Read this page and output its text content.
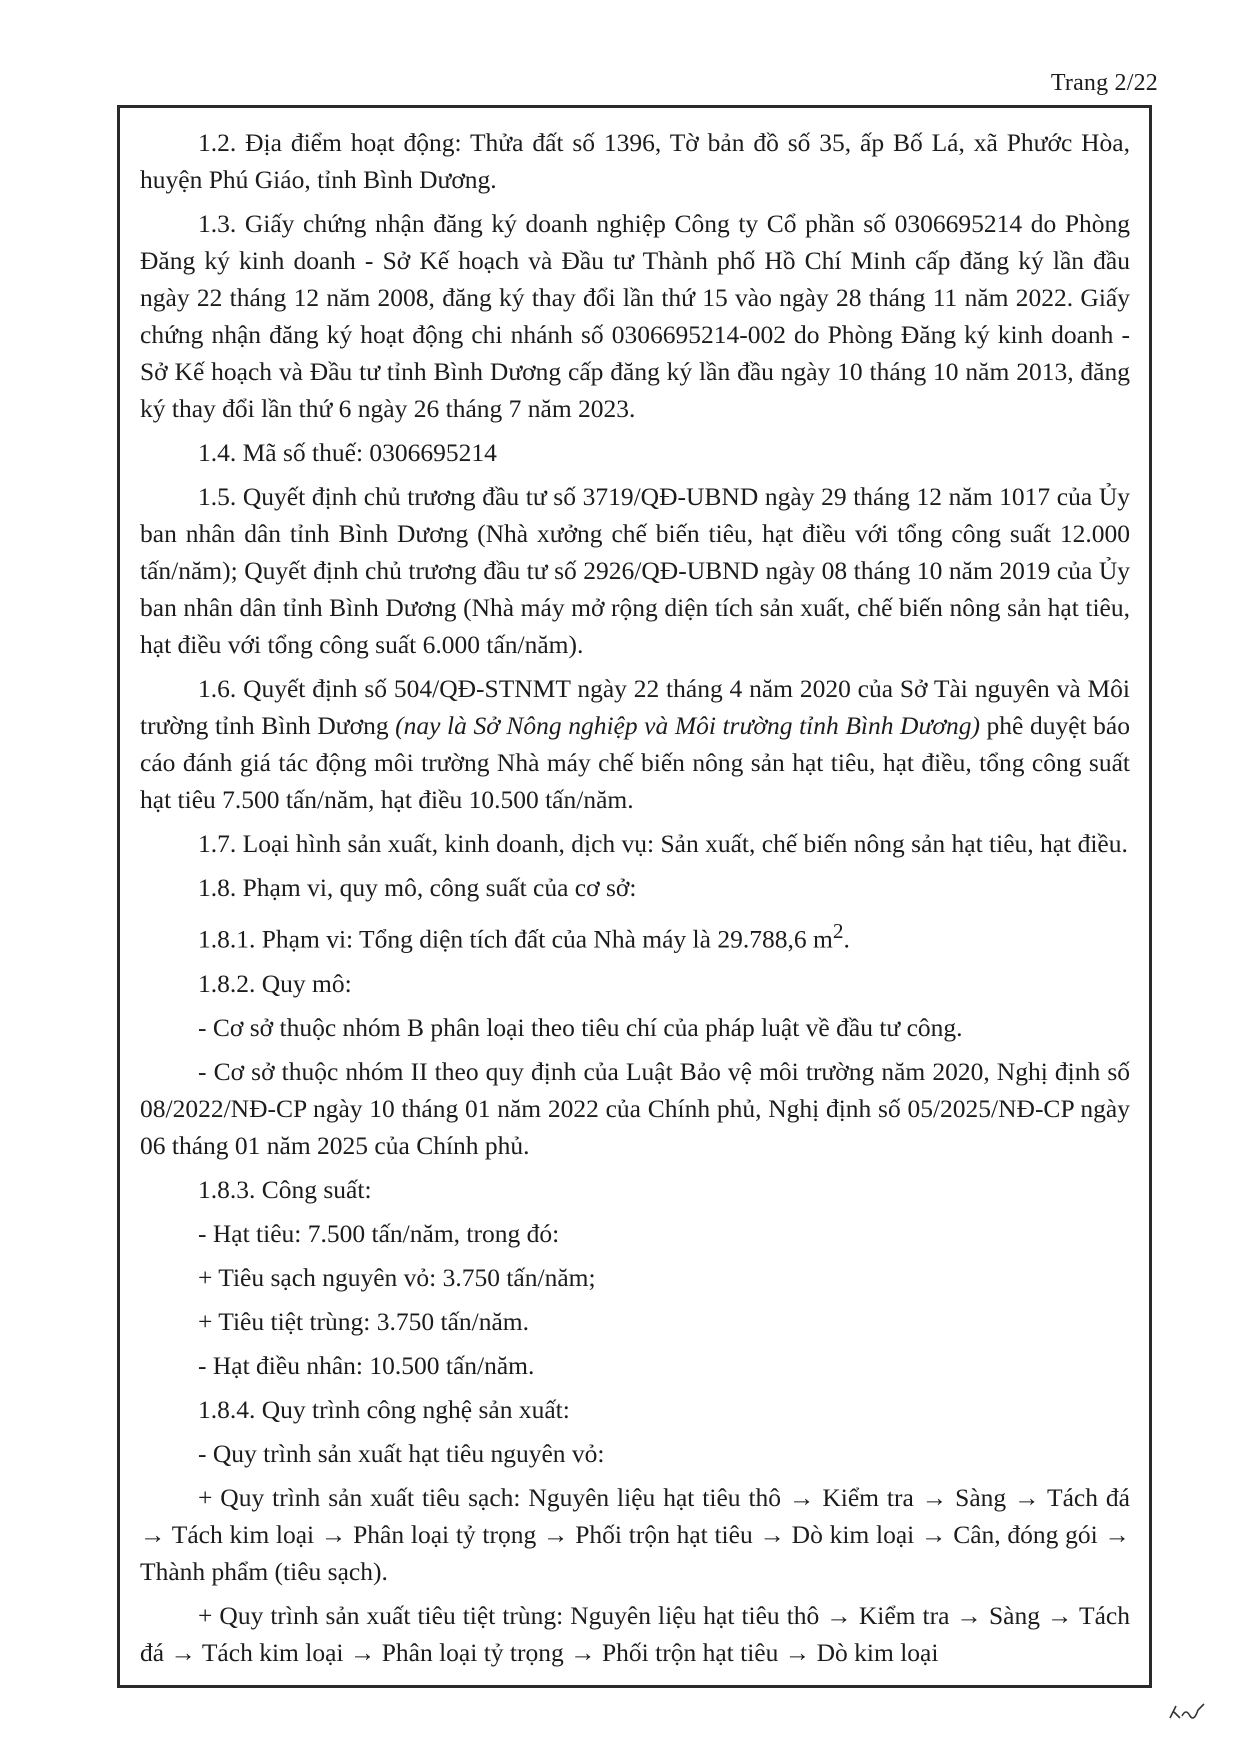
Trang 2/22

1.2. Địa điểm hoạt động: Thửa đất số 1396, Tờ bản đồ số 35, ấp Bố Lá, xã Phước Hòa, huyện Phú Giáo, tỉnh Bình Dương.

1.3. Giấy chứng nhận đăng ký doanh nghiệp Công ty Cổ phần số 0306695214 do Phòng Đăng ký kinh doanh - Sở Kế hoạch và Đầu tư Thành phố Hồ Chí Minh cấp đăng ký lần đầu ngày 22 tháng 12 năm 2008, đăng ký thay đổi lần thứ 15 vào ngày 28 tháng 11 năm 2022. Giấy chứng nhận đăng ký hoạt động chi nhánh số 0306695214-002 do Phòng Đăng ký kinh doanh - Sở Kế hoạch và Đầu tư tỉnh Bình Dương cấp đăng ký lần đầu ngày 10 tháng 10 năm 2013, đăng ký thay đổi lần thứ 6 ngày 26 tháng 7 năm 2023.

1.4. Mã số thuế: 0306695214

1.5. Quyết định chủ trương đầu tư số 3719/QĐ-UBND ngày 29 tháng 12 năm 1017 của Ủy ban nhân dân tỉnh Bình Dương (Nhà xưởng chế biến tiêu, hạt điều với tổng công suất 12.000 tấn/năm); Quyết định chủ trương đầu tư số 2926/QĐ-UBND ngày 08 tháng 10 năm 2019 của Ủy ban nhân dân tỉnh Bình Dương (Nhà máy mở rộng diện tích sản xuất, chế biến nông sản hạt tiêu, hạt điều với tổng công suất 6.000 tấn/năm).

1.6. Quyết định số 504/QĐ-STNMT ngày 22 tháng 4 năm 2020 của Sở Tài nguyên và Môi trường tỉnh Bình Dương (nay là Sở Nông nghiệp và Môi trường tỉnh Bình Dương) phê duyệt báo cáo đánh giá tác động môi trường Nhà máy chế biến nông sản hạt tiêu, hạt điều, tổng công suất hạt tiêu 7.500 tấn/năm, hạt điều 10.500 tấn/năm.

1.7. Loại hình sản xuất, kinh doanh, dịch vụ: Sản xuất, chế biến nông sản hạt tiêu, hạt điều.

1.8. Phạm vi, quy mô, công suất của cơ sở:

1.8.1. Phạm vi: Tổng diện tích đất của Nhà máy là 29.788,6 $m^2$.

1.8.2. Quy mô:

- Cơ sở thuộc nhóm B phân loại theo tiêu chí của pháp luật về đầu tư công.

- Cơ sở thuộc nhóm II theo quy định của Luật Bảo vệ môi trường năm 2020, Nghị định số 08/2022/NĐ-CP ngày 10 tháng 01 năm 2022 của Chính phủ, Nghị định số 05/2025/NĐ-CP ngày 06 tháng 01 năm 2025 của Chính phủ.

1.8.3. Công suất:

- Hạt tiêu: 7.500 tấn/năm, trong đó:

+ Tiêu sạch nguyên vỏ: 3.750 tấn/năm;

+ Tiêu tiệt trùng: 3.750 tấn/năm.

- Hạt điều nhân: 10.500 tấn/năm.

1.8.4. Quy trình công nghệ sản xuất:

- Quy trình sản xuất hạt tiêu nguyên vỏ:

+ Quy trình sản xuất tiêu sạch: Nguyên liệu hạt tiêu thô → Kiểm tra → Sàng → Tách đá → Tách kim loại → Phân loại tỷ trọng → Phối trộn hạt tiêu → Dò kim loại → Cân, đóng gói → Thành phẩm (tiêu sạch).

+ Quy trình sản xuất tiêu tiệt trùng: Nguyên liệu hạt tiêu thô → Kiểm tra → Sàng → Tách đá → Tách kim loại → Phân loại tỷ trọng → Phối trộn hạt tiêu → Dò kim loại
